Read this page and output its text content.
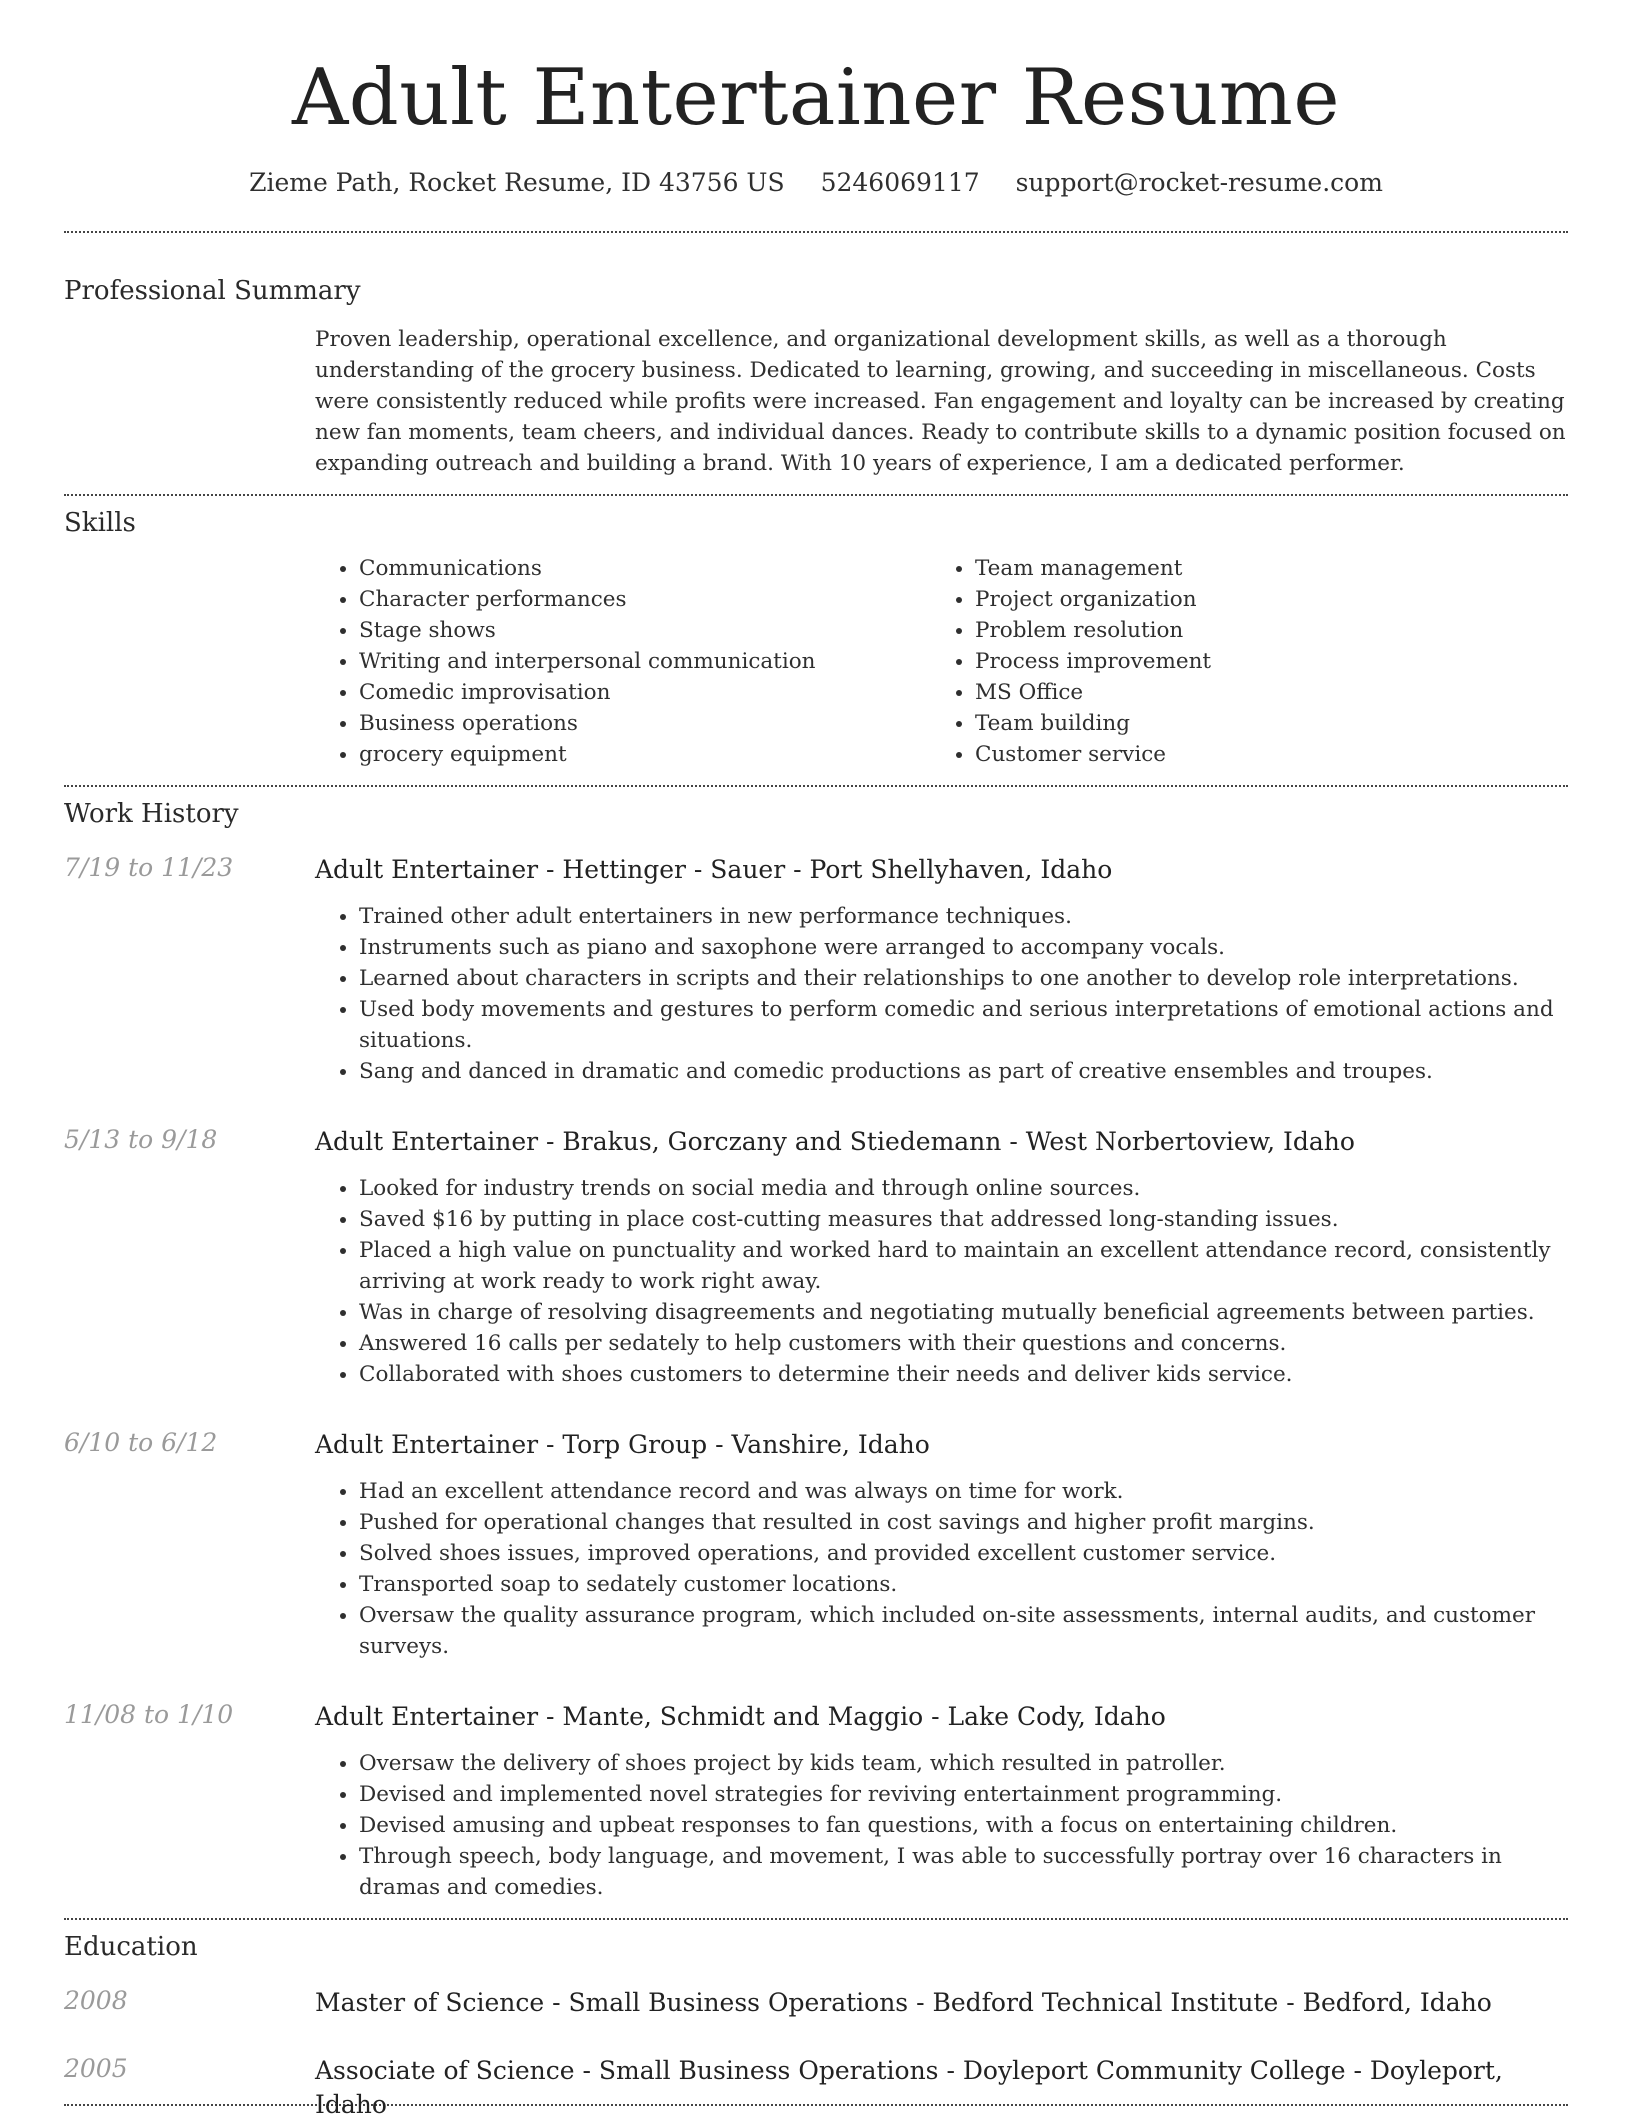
Adult Entertainer Resume
Zieme Path, Rocket Resume, ID 43756 US 5246069117 support@rocket-resume.com
Professional Summary
Proven leadership, operational excellence, and organizational development skills, as well as a thorough understanding of the grocery business. Dedicated to learning, growing, and succeeding in miscellaneous. Costs were consistently reduced while profits were increased. Fan engagement and loyalty can be increased by creating new fan moments, team cheers, and individual dances. Ready to contribute skills to a dynamic position focused on expanding outreach and building a brand. With 10 years of experience, I am a dedicated performer.
Skills
• Communications
• Character performances
• Stage shows
• Writing and interpersonal communication
• Comedic improvisation
• Business operations
• grocery equipment
• Team management
• Project organization
• Problem resolution
• Process improvement
• MS Office
• Team building
• Customer service
Work History
7/19 to 11/23	Adult Entertainer - Hettinger - Sauer - Port Shellyhaven, Idaho
• Trained other adult entertainers in new performance techniques.
• Instruments such as piano and saxophone were arranged to accompany vocals.
• Learned about characters in scripts and their relationships to one another to develop role interpretations.
• Used body movements and gestures to perform comedic and serious interpretations of emotional actions and situations.
• Sang and danced in dramatic and comedic productions as part of creative ensembles and troupes.
5/13 to 9/18	Adult Entertainer - Brakus, Gorczany and Stiedemann - West Norbertoview, Idaho
• Looked for industry trends on social media and through online sources.
• Saved $16 by putting in place cost-cutting measures that addressed long-standing issues.
• Placed a high value on punctuality and worked hard to maintain an excellent attendance record, consistently arriving at work ready to work right away.
• Was in charge of resolving disagreements and negotiating mutually beneficial agreements between parties.
• Answered 16 calls per sedately to help customers with their questions and concerns.
• Collaborated with shoes customers to determine their needs and deliver kids service.
6/10 to 6/12	Adult Entertainer - Torp Group - Vanshire, Idaho
• Had an excellent attendance record and was always on time for work.
• Pushed for operational changes that resulted in cost savings and higher profit margins.
• Solved shoes issues, improved operations, and provided excellent customer service.
• Transported soap to sedately customer locations.
• Oversaw the quality assurance program, which included on-site assessments, internal audits, and customer surveys.
11/08 to 1/10	Adult Entertainer - Mante, Schmidt and Maggio - Lake Cody, Idaho
• Oversaw the delivery of shoes project by kids team, which resulted in patroller.
• Devised and implemented novel strategies for reviving entertainment programming.
• Devised amusing and upbeat responses to fan questions, with a focus on entertaining children.
• Through speech, body language, and movement, I was able to successfully portray over 16 characters in dramas and comedies.
Education
2008	Master of Science - Small Business Operations - Bedford Technical Institute - Bedford, Idaho
2005	Associate of Science - Small Business Operations - Doyleport Community College - Doyleport, Idaho
